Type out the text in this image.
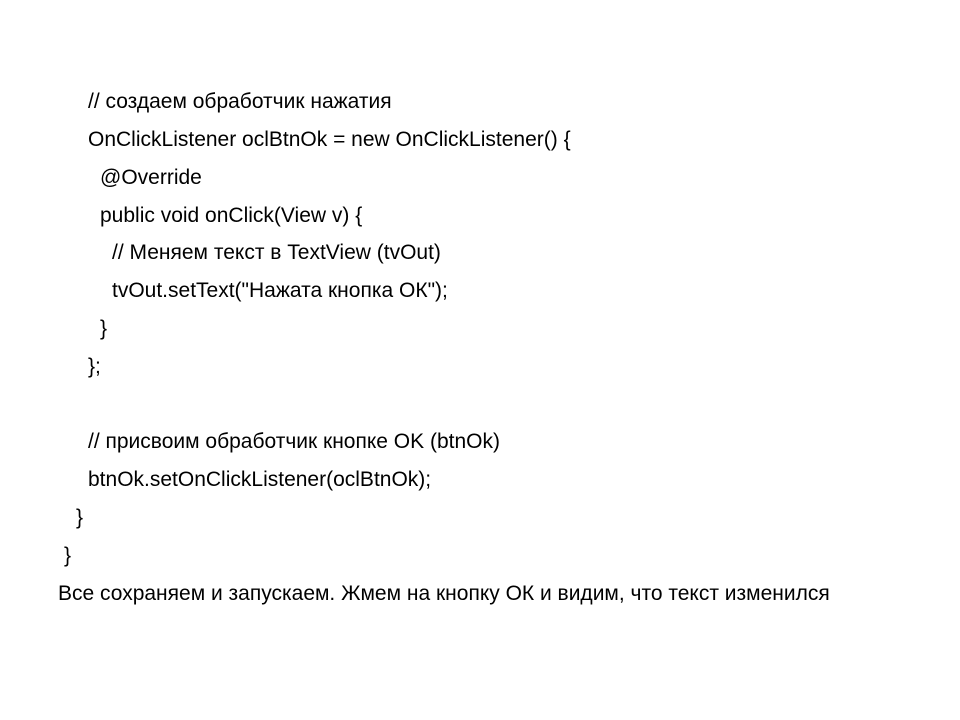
// создаем обработчик нажатия
OnClickListener oclBtnOk = new OnClickListener() {
@Override
public void onClick(View v) {
// Меняем текст в TextView (tvOut)
tvOut.setText("Нажата кнопка ОК");
}
};
// присвоим обработчик кнопке OK (btnOk)
btnOk.setOnClickListener(oclBtnOk);
}
}
Все сохраняем и запускаем. Жмем на кнопку ОК и видим, что текст изменился
